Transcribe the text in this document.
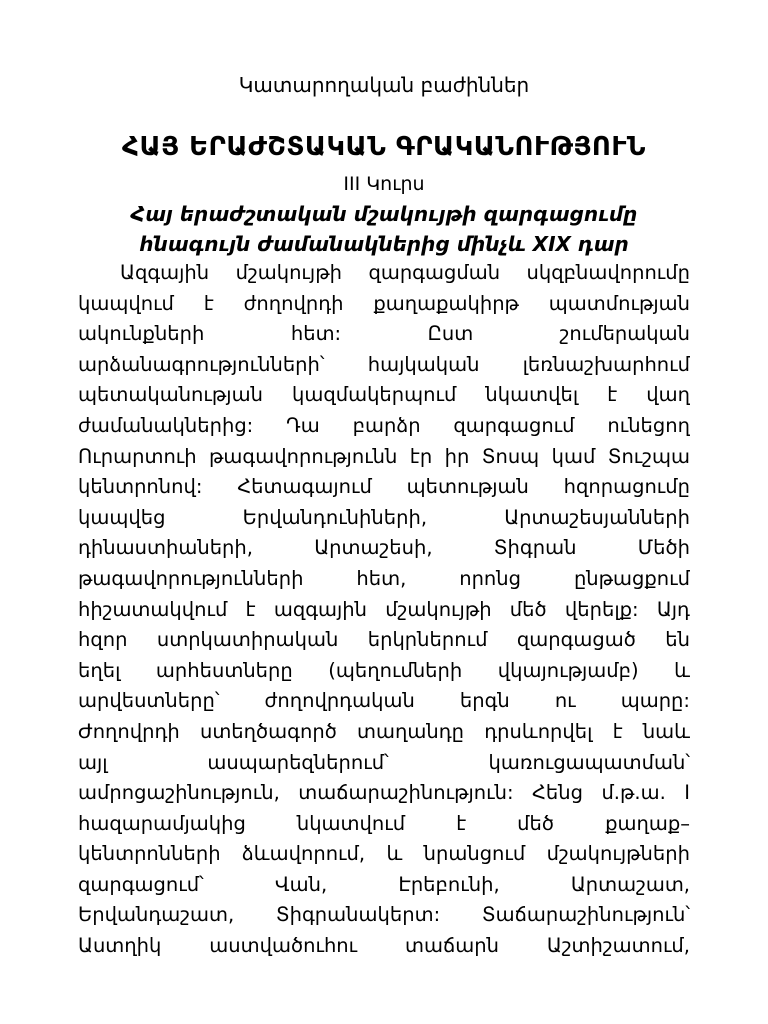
Կատարողական բաժիններ
ՀԱՅ ԵՐԱԺՇՏԱԿԱՆ ԳՐԱԿԱՆՈՒԹՅՈՒՆ
III Կուրս
Հայ երաժշտական մշակույթի զարգացումը
հնագույն ժամանակներից մինչև XIX դար
Ազգային մշակույթի զարգացման սկզբնավորումը
կապվում է ժողովրդի քաղաքակիրթ պատմության
ակունքների հետ: Ըստ շումերական
արձանագրությունների՝ հայկական լեռնաշխարհում
պետականության կազմակերպում նկատվել է վաղ
ժամանակներից: Դա բարձր զարգացում ունեցող
Ուրարտուի թագավորությունն էր իր Տոսպ կամ Տուշպա
կենտրոնով: Հետագայում պետության հզորացումը
կապվեց Երվանդունիների, Արտաշեսյանների
դինաստիաների, Արտաշեսի, Տիգրան Մեծի
թագավորությունների հետ, որոնց ընթացքում
հիշատակվում է ազգային մշակույթի մեծ վերելք: Այդ
հզոր ստրկատիրական երկրներում զարգացած են
եղել արհեստները (պեղումների վկայությամբ) և
արվեստները՝ ժողովրդական երգն ու պարը:
Ժողովրդի ստեղծագործ տաղանդը դրսևորվել է նաև
այլ ասպարեզներում՝ կառուցապատման՝
ամրոցաշինություն, տաճարաշինություն: Հենց մ.թ.ա. I
հազարամյակից նկատվում է մեծ քաղաք–
կենտրոնների ձևավորում, և նրանցում մշակույթների
զարգացում՝ Վան, Էրեբունի, Արտաշատ,
Երվանդաշատ, Տիգրանակերտ: Տաճարաշինություն՝
Աստղիկ աստվածուհու տաճարն Աշտիշատում,
